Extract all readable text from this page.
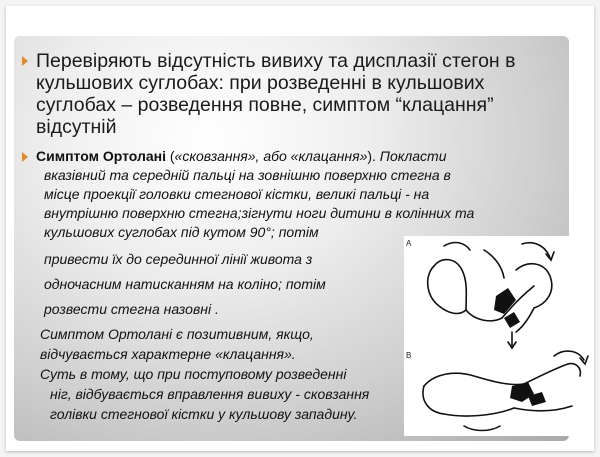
Перевіряють відсутність вивиху та дисплазії стегон в кульшових суглобах: при розведенні в кульшових суглобах – розведення повне, симптом “клацання” відсутній
Симптом Ортолані («сковзання», або «клацання»). Покласти
вказівний та середній пальці на зовнішню поверхню стегна в
місце проекції головки стегнової кістки, великі пальці - на
внутрішню поверхню стегна;зігнути ноги дитини в колінних та
кульшових суглобах під кутом 90°; потім
привести їх до серединної лінії живота з
одночасним натисканням на коліно; потім
розвести стегна назовні .
Симптом Ортолані є позитивним, якщо,
відчувається характерне «клацання».
Суть в тому, що при поступовому розведенні
ніг, відбувається вправлення вивиху - сковзання
голівки стегнової кістки у кульшову западину.
A
B
